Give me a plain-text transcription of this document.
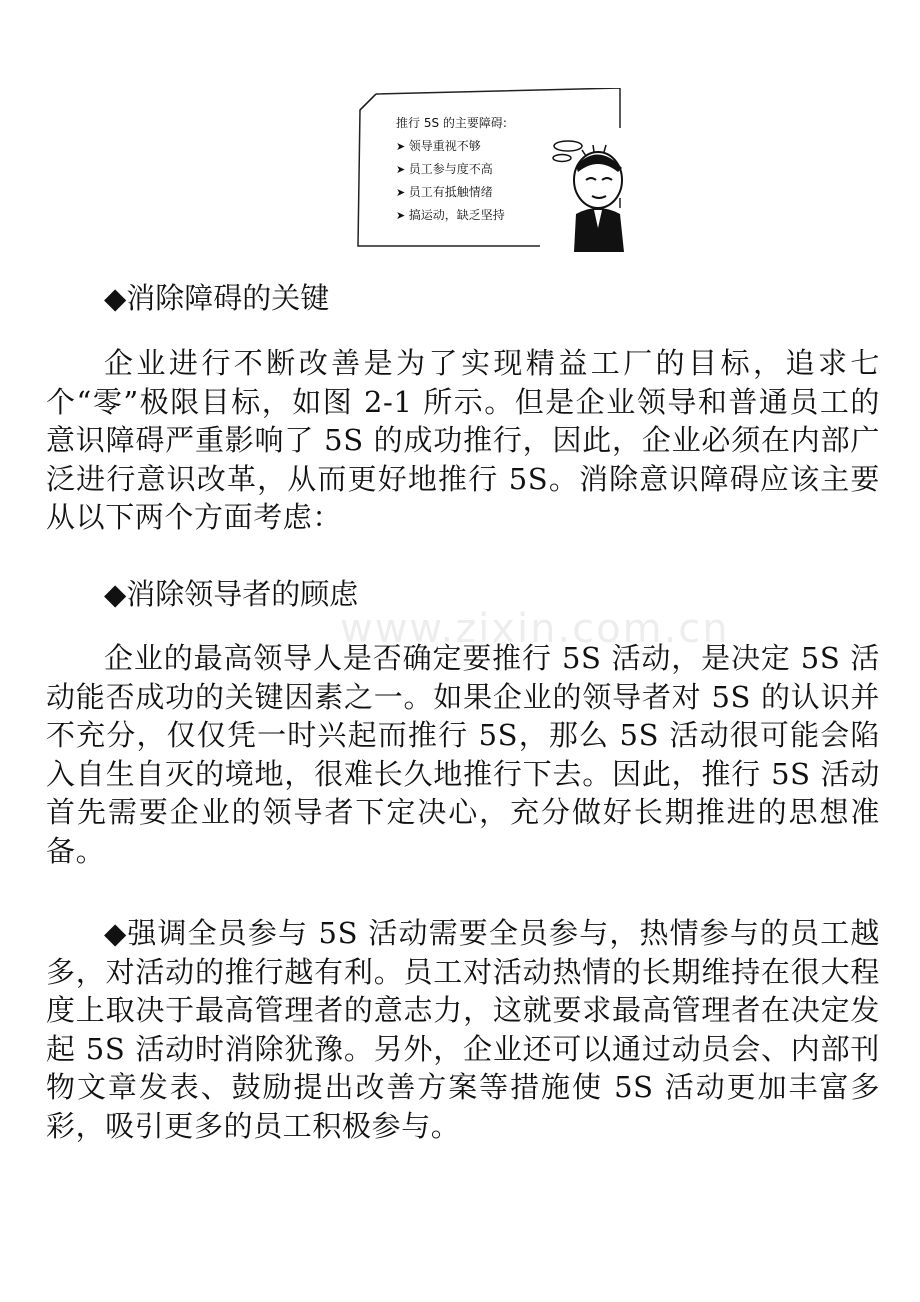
推行 5S 的主要障碍:
➤ 领导重视不够
➤ 员工参与度不高
➤ 员工有抵触情绪
➤ 搞运动，缺乏坚持
www.zixin.com.cn
◆消除障碍的关键

企业进行不断改善是为了实现精益工厂的目标，追求七个“零”极限目标，如图 2-1 所示。但是企业领导和普通员工的意识障碍严重影响了 5S 的成功推行，因此，企业必须在内部广泛进行意识改革，从而更好地推行 5S。消除意识障碍应该主要从以下两个方面考虑：

◆消除领导者的顾虑

企业的最高领导人是否确定要推行 5S 活动，是决定 5S 活动能否成功的关键因素之一。如果企业的领导者对 5S 的认识并不充分，仅仅凭一时兴起而推行 5S，那么 5S 活动很可能会陷入自生自灭的境地，很难长久地推行下去。因此，推行 5S 活动首先需要企业的领导者下定决心，充分做好长期推进的思想准备。

◆强调全员参与 5S 活动需要全员参与，热情参与的员工越多，对活动的推行越有利。员工对活动热情的长期维持在很大程度上取决于最高管理者的意志力，这就要求最高管理者在决定发起 5S 活动时消除犹豫。另外，企业还可以通过动员会、内部刊物文章发表、鼓励提出改善方案等措施使 5S 活动更加丰富多彩，吸引更多的员工积极参与。
